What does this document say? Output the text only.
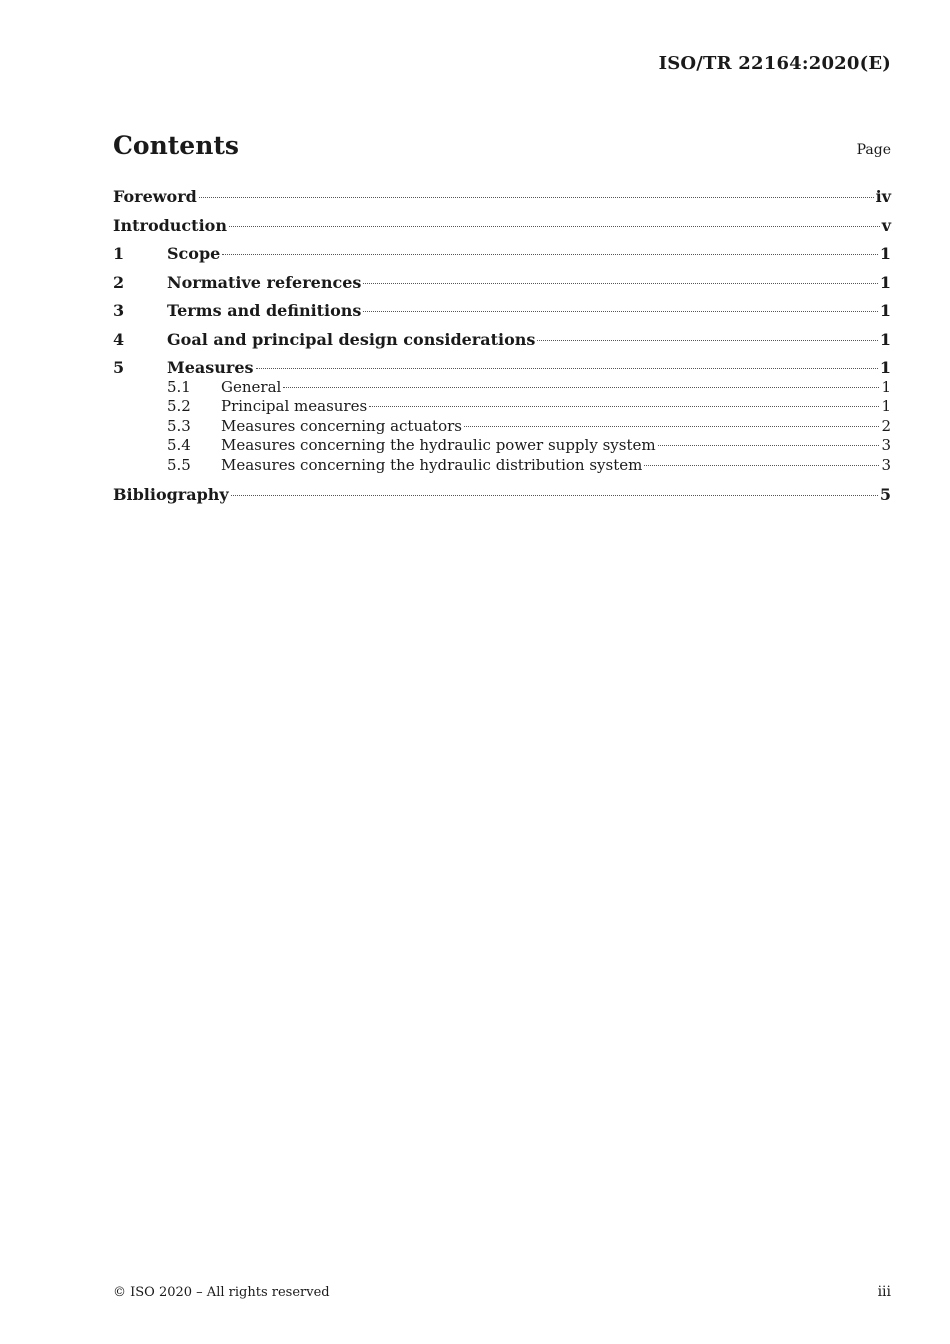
ISO/TR 22164:2020(E)
Contents	Page
Foreword	iv
Introduction	v
1	Scope	1
2	Normative references	1
3	Terms and definitions	1
4	Goal and principal design considerations	1
5	Measures	1
5.1	General	1
5.2	Principal measures	1
5.3	Measures concerning actuators	2
5.4	Measures concerning the hydraulic power supply system	3
5.5	Measures concerning the hydraulic distribution system	3
Bibliography	5
© ISO 2020 – All rights reserved	iii
